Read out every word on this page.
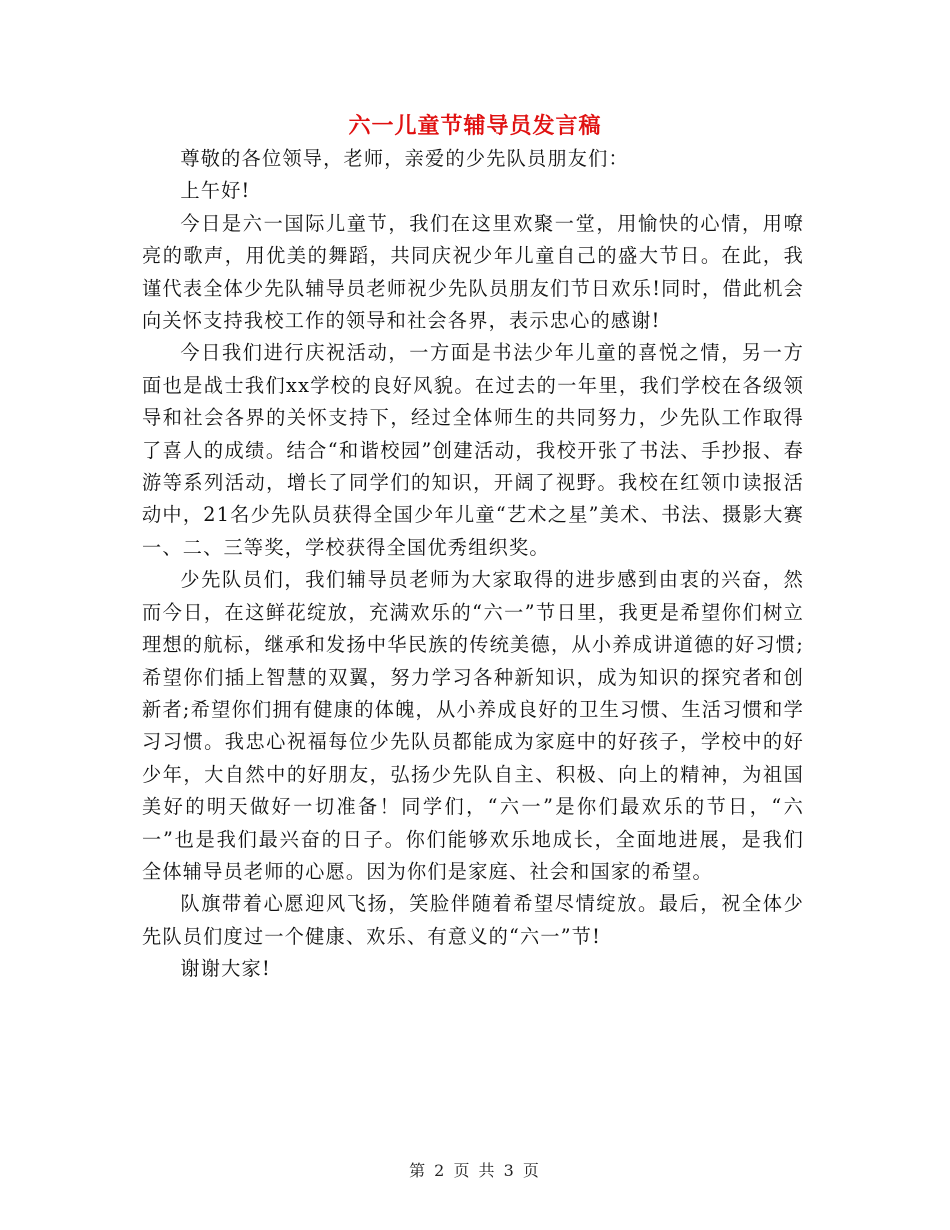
六一儿童节辅导员发言稿

尊敬的各位领导，老师，亲爱的少先队员朋友们：

上午好!

今日是六一国际儿童节，我们在这里欢聚一堂，用愉快的心情，用嘹亮的歌声，用优美的舞蹈，共同庆祝少年儿童自己的盛大节日。在此，我谨代表全体少先队辅导员老师祝少先队员朋友们节日欢乐!同时，借此机会向关怀支持我校工作的领导和社会各界，表示忠心的感谢!

今日我们进行庆祝活动，一方面是书法少年儿童的喜悦之情，另一方面也是战士我们xx学校的良好风貌。在过去的一年里，我们学校在各级领导和社会各界的关怀支持下，经过全体师生的共同努力，少先队工作取得了喜人的成绩。结合“和谐校园”创建活动，我校开张了书法、手抄报、春游等系列活动，增长了同学们的知识，开阔了视野。我校在红领巾读报活动中，21名少先队员获得全国少年儿童“艺术之星”美术、书法、摄影大赛一、二、三等奖，学校获得全国优秀组织奖。

少先队员们，我们辅导员老师为大家取得的进步感到由衷的兴奋，然而今日，在这鲜花绽放，充满欢乐的“六一”节日里，我更是希望你们树立理想的航标，继承和发扬中华民族的传统美德，从小养成讲道德的好习惯;希望你们插上智慧的双翼，努力学习各种新知识，成为知识的探究者和创新者;希望你们拥有健康的体魄，从小养成良好的卫生习惯、生活习惯和学习习惯。我忠心祝福每位少先队员都能成为家庭中的好孩子，学校中的好少年，大自然中的好朋友，弘扬少先队自主、积极、向上的精神，为祖国美好的明天做好一切准备！同学们，“六一”是你们最欢乐的节日，“六一”也是我们最兴奋的日子。你们能够欢乐地成长，全面地进展，是我们全体辅导员老师的心愿。因为你们是家庭、社会和国家的希望。

队旗带着心愿迎风飞扬，笑脸伴随着希望尽情绽放。最后，祝全体少先队员们度过一个健康、欢乐、有意义的“六一”节!

谢谢大家!

第 2 页 共 3 页
